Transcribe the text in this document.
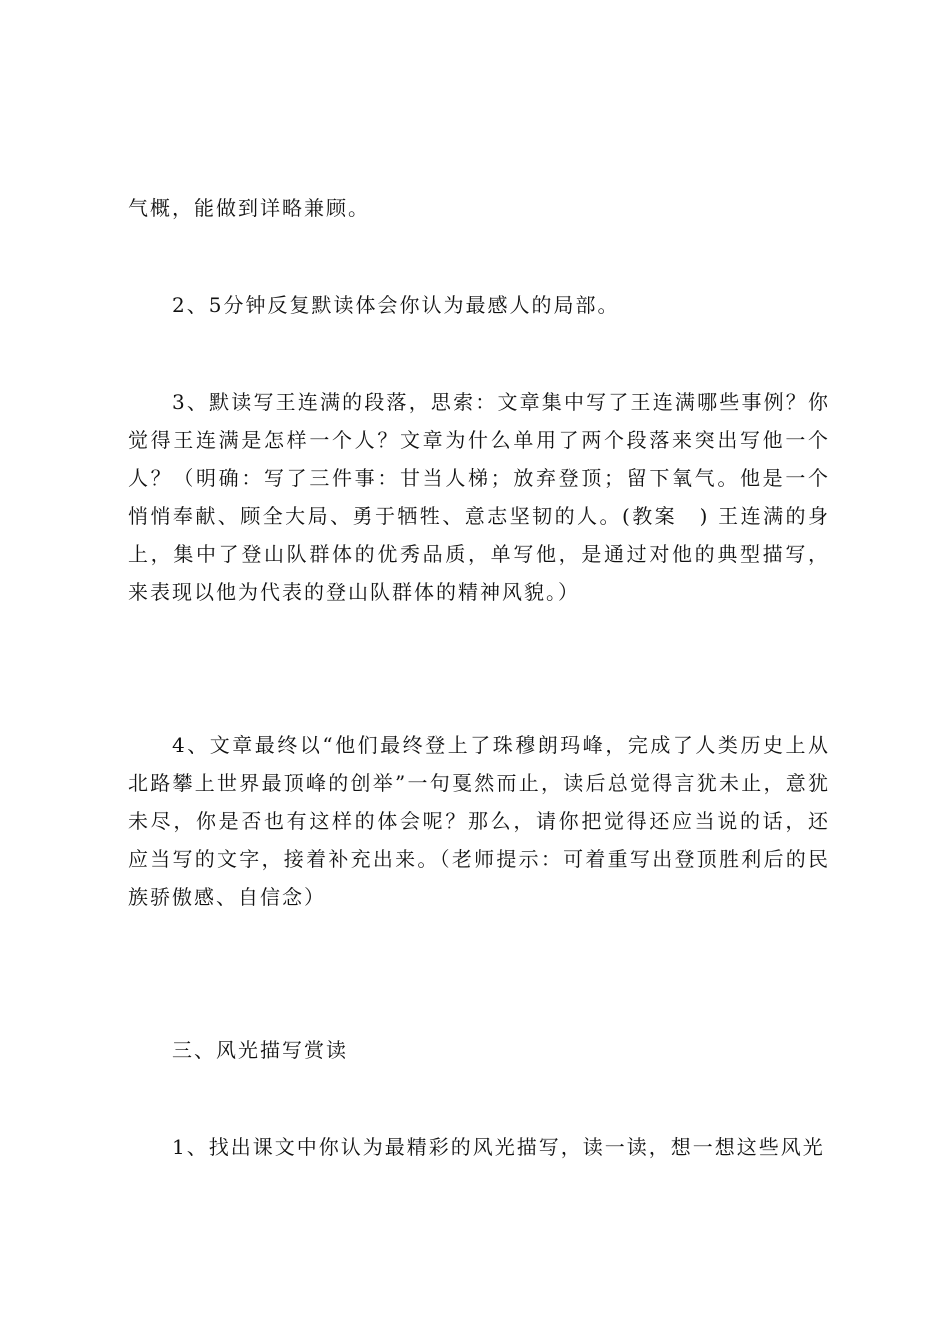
气概，能做到详略兼顾。

2、5分钟反复默读体会你认为最感人的局部。

3、默读写王连满的段落，思索：文章集中写了王连满哪些事例？你觉得王连满是怎样一个人？文章为什么单用了两个段落来突出写他一个人？（明确：写了三件事：甘当人梯；放弃登顶；留下氧气。他是一个悄悄奉献、顾全大局、勇于牺牲、意志坚韧的人。(教案　) 王连满的身上，集中了登山队群体的优秀品质，单写他，是通过对他的典型描写，来表现以他为代表的登山队群体的精神风貌。）

4、文章最终以“他们最终登上了珠穆朗玛峰，完成了人类历史上从北路攀上世界最顶峰的创举”一句戛然而止，读后总觉得言犹未止，意犹未尽，你是否也有这样的体会呢？那么，请你把觉得还应当说的话，还应当写的文字，接着补充出来。（老师提示：可着重写出登顶胜利后的民族骄傲感、自信念）

三、风光描写赏读

1、找出课文中你认为最精彩的风光描写，读一读，想一想这些风光
